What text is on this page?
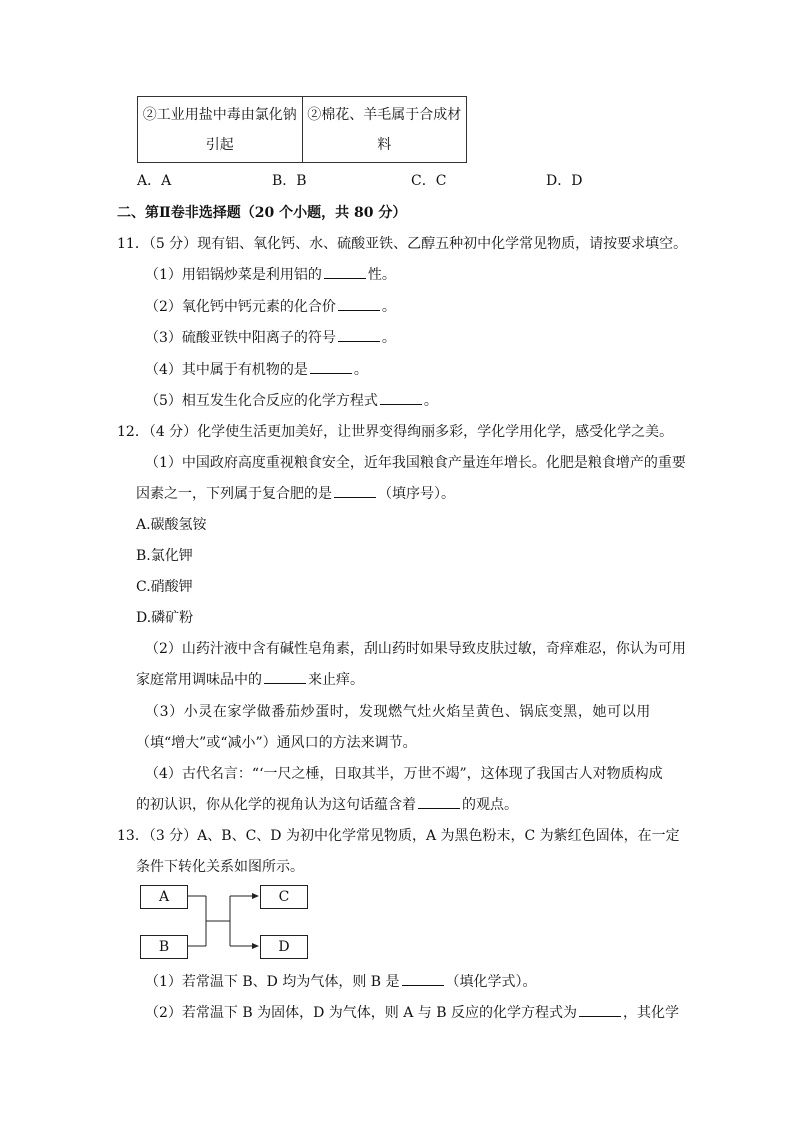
②工业用盐中毒由氯化钠
引起
②棉花、羊毛属于合成材
料
A．A	B．B	C．C	D．D
二、第Ⅱ卷非选择题（20 个小题，共 80 分）
11．（5 分）现有铝、氧化钙、水、硫酸亚铁、乙醇五种初中化学常见物质，请按要求填空。
（1）用铝锅炒菜是利用铝的	性。
（2）氧化钙中钙元素的化合价	。
（3）硫酸亚铁中阳离子的符号	。
（4）其中属于有机物的是	。
（5）相互发生化合反应的化学方程式	。
12．（4 分）化学使生活更加美好，让世界变得绚丽多彩，学化学用化学，感受化学之美。
（1）中国政府高度重视粮食安全，近年我国粮食产量连年增长。化肥是粮食增产的重要
因素之一，下列属于复合肥的是	（填序号）。
A.碳酸氢铵
B.氯化钾
C.硝酸钾
D.磷矿粉
（2）山药汁液中含有碱性皂角素，刮山药时如果导致皮肤过敏，奇痒难忍，你认为可用
家庭常用调味品中的	来止痒。
（3）小灵在家学做番茄炒蛋时，发现燃气灶火焰呈黄色、锅底变黑，她可以用
（填“增大”或“减小”）通风口的方法来调节。
（4）古代名言：“‘一尺之棰，日取其半，万世不竭”，这体现了我国古人对物质构成
的初认识，你从化学的视角认为这句话蕴含着	的观点。
13．（3 分）A、B、C、D 为初中化学常见物质，A 为黑色粉末，C 为紫红色固体，在一定
条件下转化关系如图所示。
A
B
C
D
（1）若常温下 B、D 均为气体，则 B 是	（填化学式）。
（2）若常温下 B 为固体，D 为气体，则 A 与 B 反应的化学方程式为	，其化学
